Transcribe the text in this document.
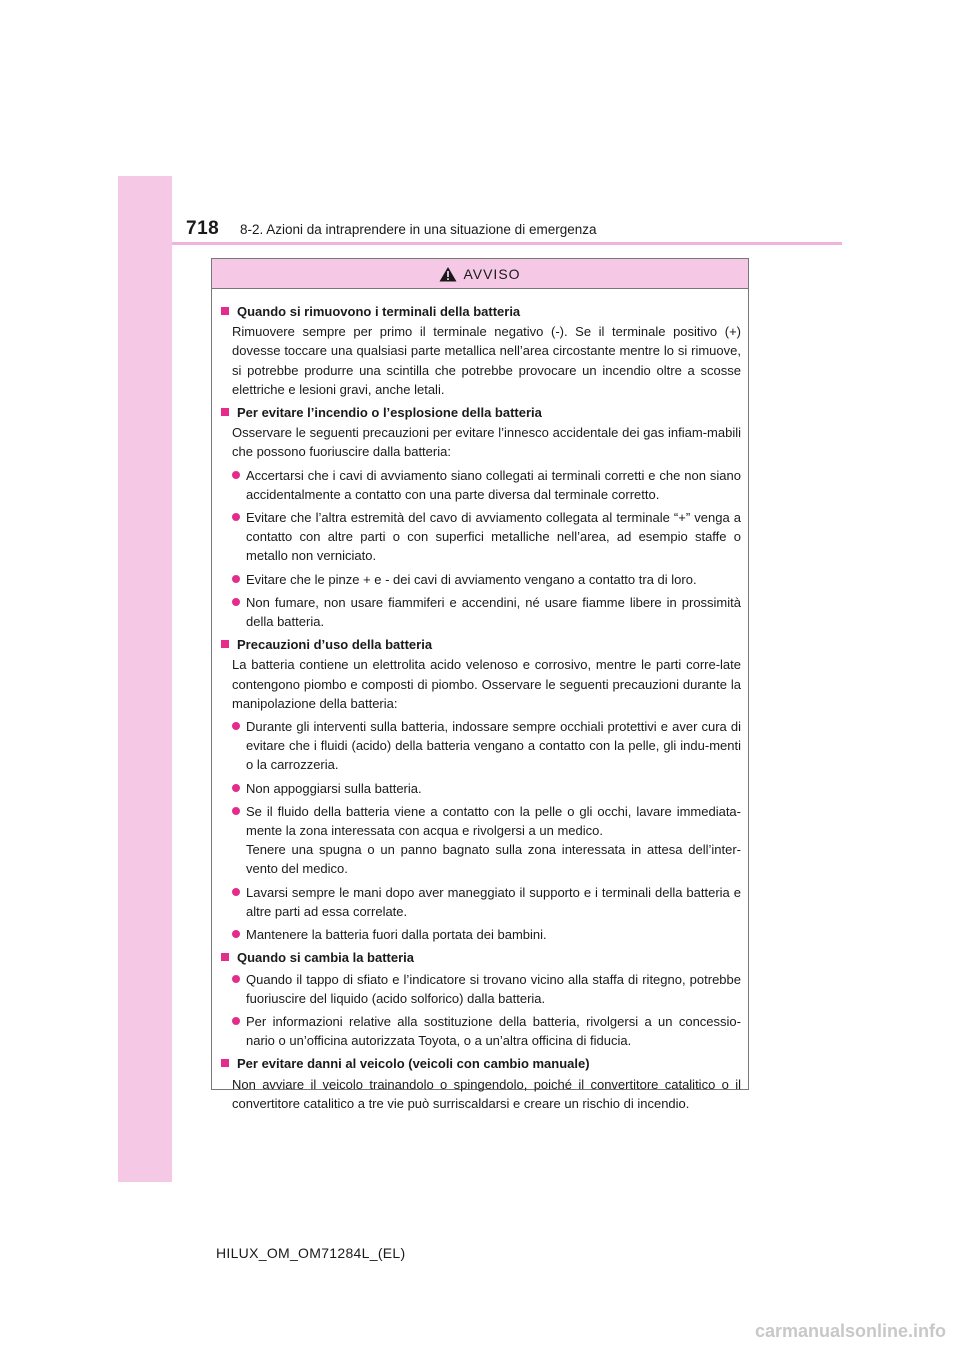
718 8-2. Azioni da intraprendere in una situazione di emergenza
AVVISO
Quando si rimuovono i terminali della batteria
Rimuovere sempre per primo il terminale negativo (-). Se il terminale positivo (+) dovesse toccare una qualsiasi parte metallica nell’area circostante mentre lo si rimuove, si potrebbe produrre una scintilla che potrebbe provocare un incendio oltre a scosse elettriche e lesioni gravi, anche letali.
Per evitare l’incendio o l’esplosione della batteria
Osservare le seguenti precauzioni per evitare l’innesco accidentale dei gas infiam-mabili che possono fuoriuscire dalla batteria:
Accertarsi che i cavi di avviamento siano collegati ai terminali corretti e che non siano accidentalmente a contatto con una parte diversa dal terminale corretto.
Evitare che l’altra estremità del cavo di avviamento collegata al terminale “+” venga a contatto con altre parti o con superfici metalliche nell’area, ad esempio staffe o metallo non verniciato.
Evitare che le pinze + e - dei cavi di avviamento vengano a contatto tra di loro.
Non fumare, non usare fiammiferi e accendini, né usare fiamme libere in prossimità della batteria.
Precauzioni d’uso della batteria
La batteria contiene un elettrolita acido velenoso e corrosivo, mentre le parti corre-late contengono piombo e composti di piombo. Osservare le seguenti precauzioni durante la manipolazione della batteria:
Durante gli interventi sulla batteria, indossare sempre occhiali protettivi e aver cura di evitare che i fluidi (acido) della batteria vengano a contatto con la pelle, gli indu-menti o la carrozzeria.
Non appoggiarsi sulla batteria.
Se il fluido della batteria viene a contatto con la pelle o gli occhi, lavare immediata-mente la zona interessata con acqua e rivolgersi a un medico.
Tenere una spugna o un panno bagnato sulla zona interessata in attesa dell’inter-vento del medico.
Lavarsi sempre le mani dopo aver maneggiato il supporto e i terminali della batteria e altre parti ad essa correlate.
Mantenere la batteria fuori dalla portata dei bambini.
Quando si cambia la batteria
Quando il tappo di sfiato e l’indicatore si trovano vicino alla staffa di ritegno, potrebbe fuoriuscire del liquido (acido solforico) dalla batteria.
Per informazioni relative alla sostituzione della batteria, rivolgersi a un concessio-nario o un’officina autorizzata Toyota, o a un’altra officina di fiducia.
Per evitare danni al veicolo (veicoli con cambio manuale)
Non avviare il veicolo trainandolo o spingendolo, poiché il convertitore catalitico o il convertitore catalitico a tre vie può surriscaldarsi e creare un rischio di incendio.
HILUX_OM_OM71284L_(EL)
carmanualsonline.info
